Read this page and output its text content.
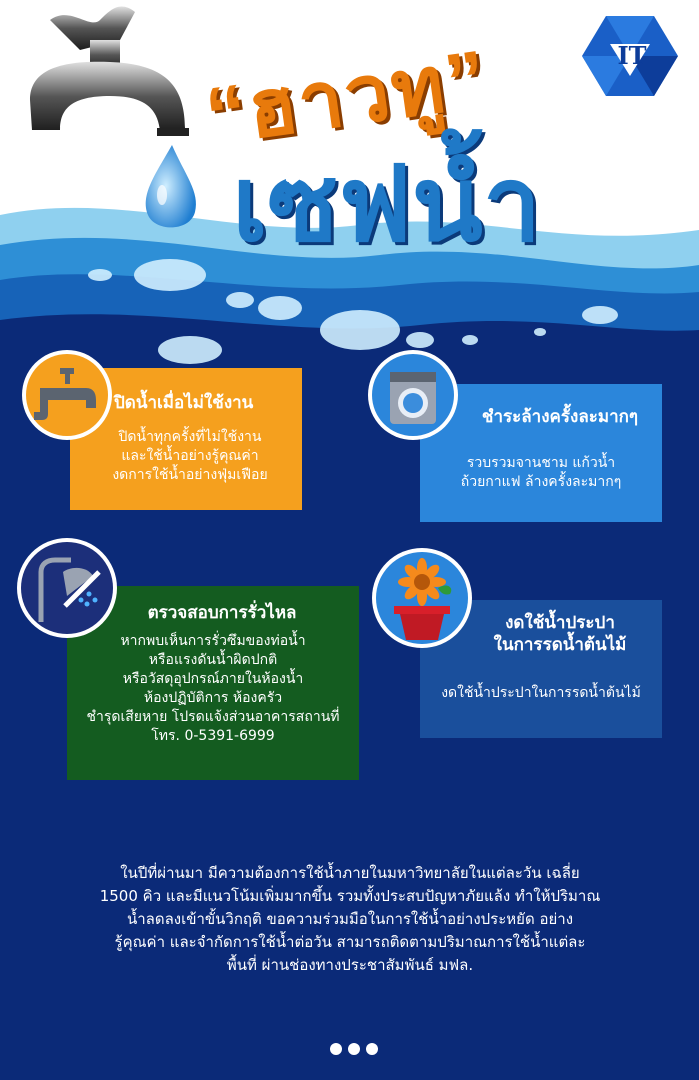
“ฮาวทู”
เซฟน้ำ
IT
ปิดน้ำเมื่อไม่ใช้งาน
ปิดน้ำทุกครั้งที่ไม่ใช้งาน
และใช้น้ำอย่างรู้คุณค่า
งดการใช้น้ำอย่างฟุ่มเฟือย
ชำระล้างครั้งละมากๆ
รวบรวมจานชาม แก้วน้ำ
ถ้วยกาแฟ ล้างครั้งละมากๆ
ตรวจสอบการรั่วไหล
หากพบเห็นการรั่วซึมของท่อน้ำ
หรือแรงดันน้ำผิดปกติ
หรือวัสดุอุปกรณ์ภายในห้องน้ำ
ห้องปฏิบัติการ ห้องครัว
ชำรุดเสียหาย โปรดแจ้งส่วนอาคารสถานที่
โทร. 0-5391-6999
งดใช้น้ำประปา
ในการรดน้ำต้นไม้
งดใช้น้ำประปาในการรดน้ำต้นไม้
ในปีที่ผ่านมา มีความต้องการใช้น้ำภายในมหาวิทยาลัยในแต่ละวัน เฉลี่ย
1500 คิว และมีแนวโน้มเพิ่มมากขึ้น รวมทั้งประสบปัญหาภัยแล้ง ทำให้ปริมาณ
น้ำลดลงเข้าขั้นวิกฤติ ขอความร่วมมือในการใช้น้ำอย่างประหยัด อย่าง
รู้คุณค่า และจำกัดการใช้น้ำต่อวัน สามารถติดตามปริมาณการใช้น้ำแต่ละ
พื้นที่ ผ่านช่องทางประชาสัมพันธ์ มฟล.
